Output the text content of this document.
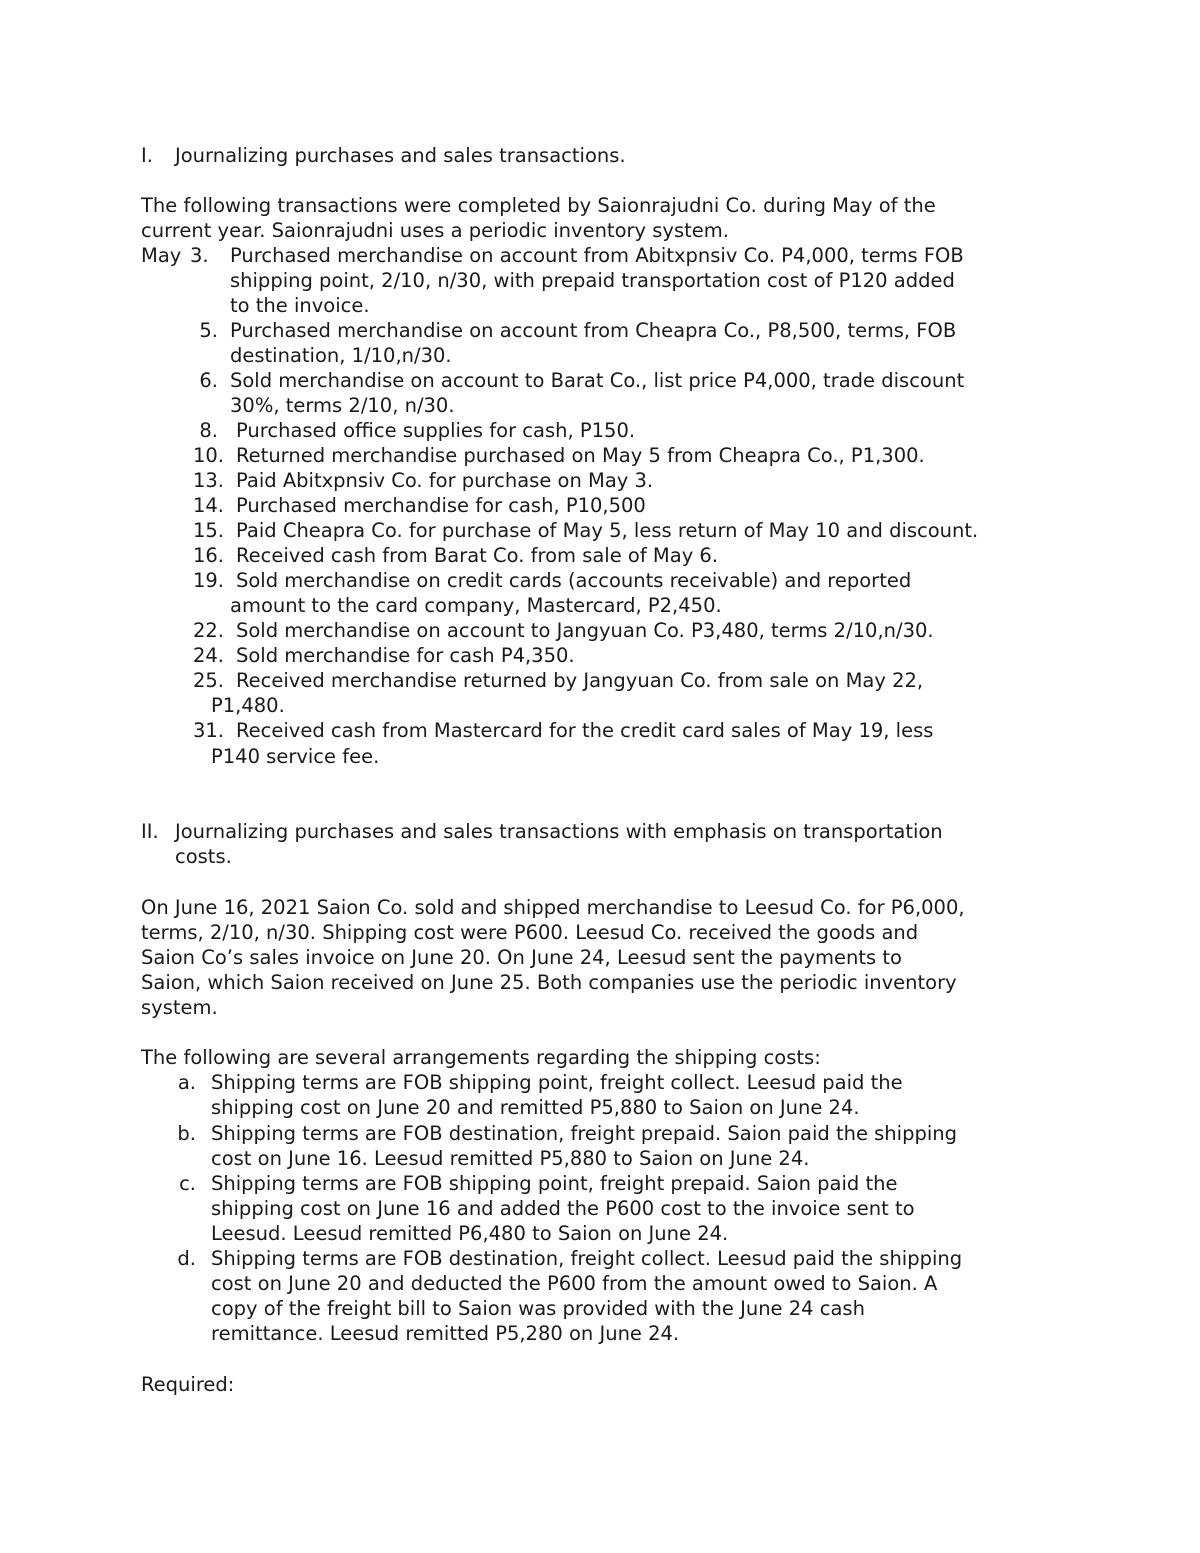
I. Journalizing purchases and sales transactions.
The following transactions were completed by Saionrajudni Co. during May of the
current year. Saionrajudni uses a periodic inventory system.
May 3. Purchased merchandise on account from Abitxpnsiv Co. P4,000, terms FOB
shipping point, 2/10, n/30, with prepaid transportation cost of P120 added
to the invoice.
5. Purchased merchandise on account from Cheapra Co., P8,500, terms, FOB
destination, 1/10,n/30.
6. Sold merchandise on account to Barat Co., list price P4,000, trade discount
30%, terms 2/10, n/30.
8. Purchased office supplies for cash, P150.
10. Returned merchandise purchased on May 5 from Cheapra Co., P1,300.
13. Paid Abitxpnsiv Co. for purchase on May 3.
14. Purchased merchandise for cash, P10,500
15. Paid Cheapra Co. for purchase of May 5, less return of May 10 and discount.
16. Received cash from Barat Co. from sale of May 6.
19. Sold merchandise on credit cards (accounts receivable) and reported
amount to the card company, Mastercard, P2,450.
22. Sold merchandise on account to Jangyuan Co. P3,480, terms 2/10,n/30.
24. Sold merchandise for cash P4,350.
25. Received merchandise returned by Jangyuan Co. from sale on May 22,
P1,480.
31. Received cash from Mastercard for the credit card sales of May 19, less
P140 service fee.
II. Journalizing purchases and sales transactions with emphasis on transportation
costs.
On June 16, 2021 Saion Co. sold and shipped merchandise to Leesud Co. for P6,000,
terms, 2/10, n/30. Shipping cost were P600. Leesud Co. received the goods and
Saion Co’s sales invoice on June 20. On June 24, Leesud sent the payments to
Saion, which Saion received on June 25. Both companies use the periodic inventory
system.
The following are several arrangements regarding the shipping costs:
a. Shipping terms are FOB shipping point, freight collect. Leesud paid the
shipping cost on June 20 and remitted P5,880 to Saion on June 24.
b. Shipping terms are FOB destination, freight prepaid. Saion paid the shipping
cost on June 16. Leesud remitted P5,880 to Saion on June 24.
c. Shipping terms are FOB shipping point, freight prepaid. Saion paid the
shipping cost on June 16 and added the P600 cost to the invoice sent to
Leesud. Leesud remitted P6,480 to Saion on June 24.
d. Shipping terms are FOB destination, freight collect. Leesud paid the shipping
cost on June 20 and deducted the P600 from the amount owed to Saion. A
copy of the freight bill to Saion was provided with the June 24 cash
remittance. Leesud remitted P5,280 on June 24.
Required:
